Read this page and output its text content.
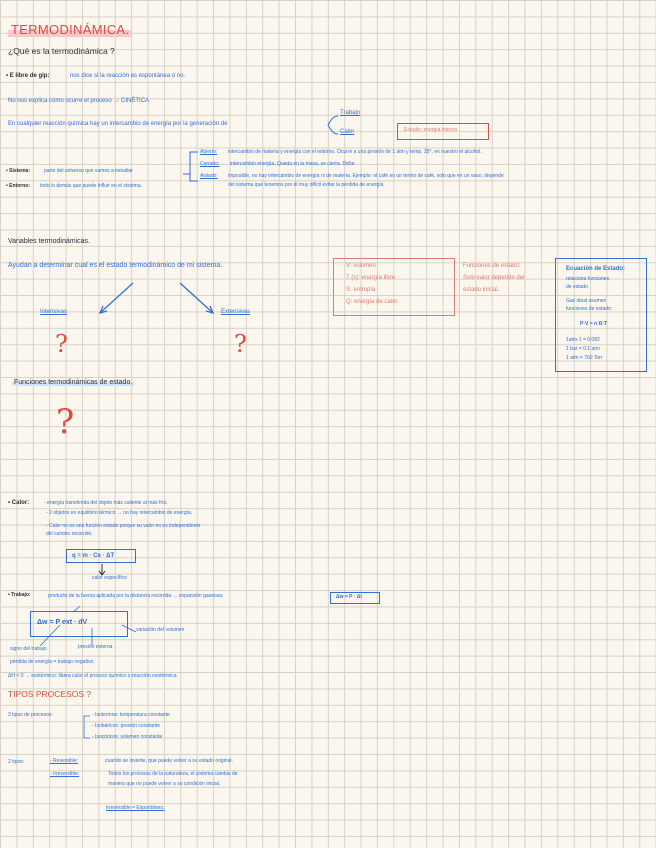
TERMODINÁMICA.
¿Qué es la termodinámica ?
• E libre de gip:	nos dice si la reacción es espontánea o no.
No nos explica cómo ocurre el proceso → CINÉTICA
En cualquier reacción química hay un intercambio de energía por la generación de
Trabajo
Calor	Estudio: energía interna
• Sistema:	parte del universo que vamos a estudiar
• Entorno: todo lo demás que puede influir en el sistema.
Abierto: intercambio de materia y energía con el entorno. Ocurre a una presión de 1 atm y temp. 25°, en nuestro el alcohol.
Cerrado: intercambio energía. Queda en la masa, se cierra. Debe
Aislado: imposible, no hay intercambio de energía ni de materia. Ejemplo: el café en un termo de café, solo que en un vaso, depende
del sistema que tenemos por él muy difícil evitar la pérdida de energía.
Variables termodinámicas.
Ayudan a determinar cual es el estado termodinámico de mi sistema.
Intensivas	Extensivas
?	?
V: volumen
T (s): energía libre
S: entropía
Q: energía de calor
Funciones de estado:
Solo valor depende del
estado inicial.
Ecuación de Estado:
relaciona funciones
de estado
Gas ideal asumen
funciones de estado:
P·V = n·R·T
1atm·1 = 0.082
1 bar = 0.1 atm
1 atm = 760 Torr
Funciones termodinámicas de estado.
?
• Calor:	- energía transferida del objeto más caliente al más frío.
- 2 objetos en equilibrio térmico → no hay intercambio de energía.
- Calor no es una función estado porque su valor no es independiente
del camino recorrido.
q = m · Ce · ΔT
calor específico
• Trabajo:	producto de la fuerza aplicada por la distancia recorrida → expansión gaseosa:	Δw = P · Δl
Δw = P ext · dV
presión externa
variación del volumen
signo del trabajo
pérdida de energía = trabajo negativo.
ΔH < 0 → exotérmico: libera calor el proceso químico o reacción exotérmica.
TIPOS PROCESOS ?
3 tipos de procesos:	- Isotermos: temperatura constante
- Isobáricos: presión constante
- Isocóricos: volumen constante
2 tipos:	- Reversible:	cuando se invierte, que puede volver a su estado original.
- Irreversible:	Todos los procesos de la naturaleza, el sistema cambia de
manera que no puede volver a su condición inicial.
Irreversible = Espontáneo.
